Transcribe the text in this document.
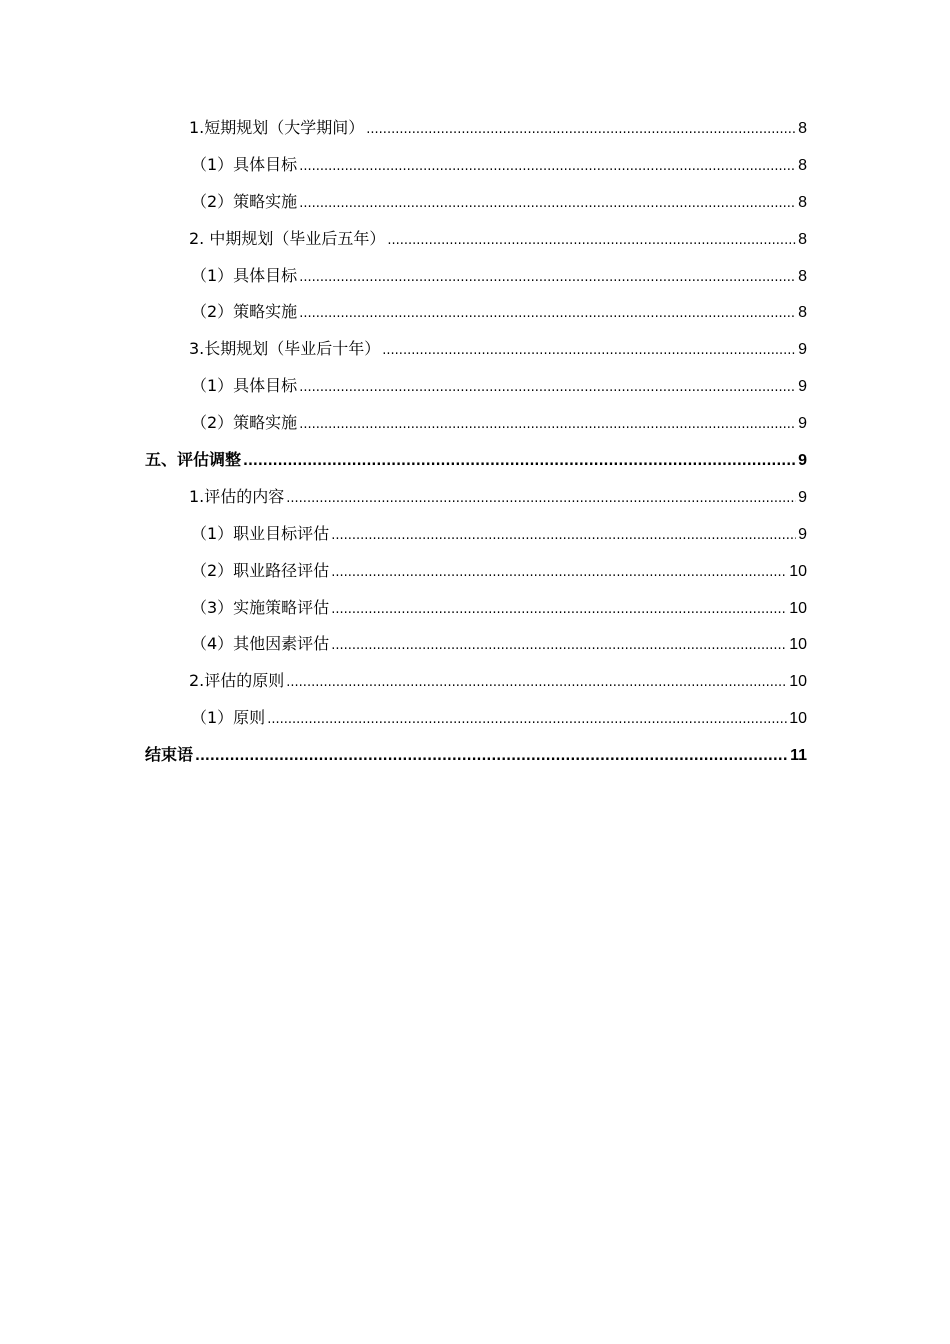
1.短期规划（大学期间） .....	8
（1）具体目标 .....	8
（2）策略实施 .....	8
2. 中期规划（毕业后五年） .....	8
（1）具体目标 .....	8
（2）策略实施 .....	8
3.长期规划（毕业后十年） .....	9
（1）具体目标 .....	9
（2）策略实施 .....	9
五、评估调整 .....	9
1.评估的内容 .....	9
（1）职业目标评估 .....	9
（2）职业路径评估 .....	10
（3）实施策略评估 .....	10
（4）其他因素评估 .....	10
2.评估的原则 .....	10
（1）原则 .....	10
结束语 .....	11
